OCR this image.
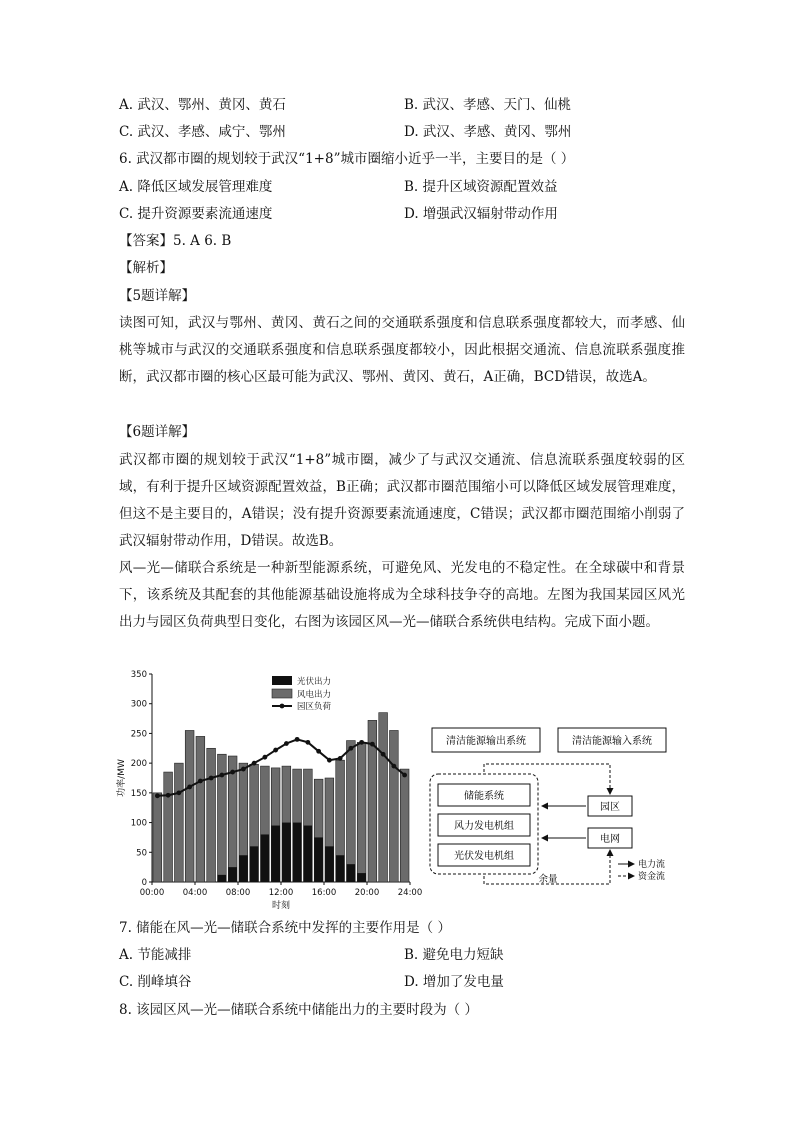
A. 武汉、鄂州、黄冈、黄石	B. 武汉、孝感、天门、仙桃
C. 武汉、孝感、咸宁、鄂州	D. 武汉、孝感、黄冈、鄂州
6. 武汉都市圈的规划较于武汉“1+8”城市圈缩小近乎一半，主要目的是（ ）
A. 降低区域发展管理难度	B. 提升区域资源配置效益
C. 提升资源要素流通速度	D. 增强武汉辐射带动作用
【答案】5. A 6. B
【解析】
【5题详解】
读图可知，武汉与鄂州、黄冈、黄石之间的交通联系强度和信息联系强度都较大，而孝感、仙桃等城市与武汉的交通联系强度和信息联系强度都较小，因此根据交通流、信息流联系强度推断，武汉都市圈的核心区最可能为武汉、鄂州、黄冈、黄石，A正确，BCD错误，故选A。
【6题详解】
武汉都市圈的规划较于武汉“1+8”城市圈，减少了与武汉交通流、信息流联系强度较弱的区域，有利于提升区域资源配置效益，B正确；武汉都市圈范围缩小可以降低区域发展管理难度，但这不是主要目的，A错误；没有提升资源要素流通速度，C错误；武汉都市圈范围缩小削弱了武汉辐射带动作用，D错误。故选B。
风—光—储联合系统是一种新型能源系统，可避免风、光发电的不稳定性。在全球碳中和背景下，该系统及其配套的其他能源基础设施将成为全球科技争夺的高地。左图为我国某园区风光出力与园区负荷典型日变化，右图为该园区风—光—储联合系统供电结构。完成下面小题。
0
50
100
150
200
250
300
350
功率/MW
00:00 04:00 08:00 12:00 16:00 20:00 24:00
时刻
光伏出力
风电出力
园区负荷
清洁能源输出系统	清洁能源输入系统
储能系统
风力发电机组
光伏发电机组
园区
电网
余量
电力流
资金流
7. 储能在风—光—储联合系统中发挥的主要作用是（ ）
A. 节能减排	B. 避免电力短缺
C. 削峰填谷	D. 增加了发电量
8. 该园区风—光—储联合系统中储能出力的主要时段为（ ）
